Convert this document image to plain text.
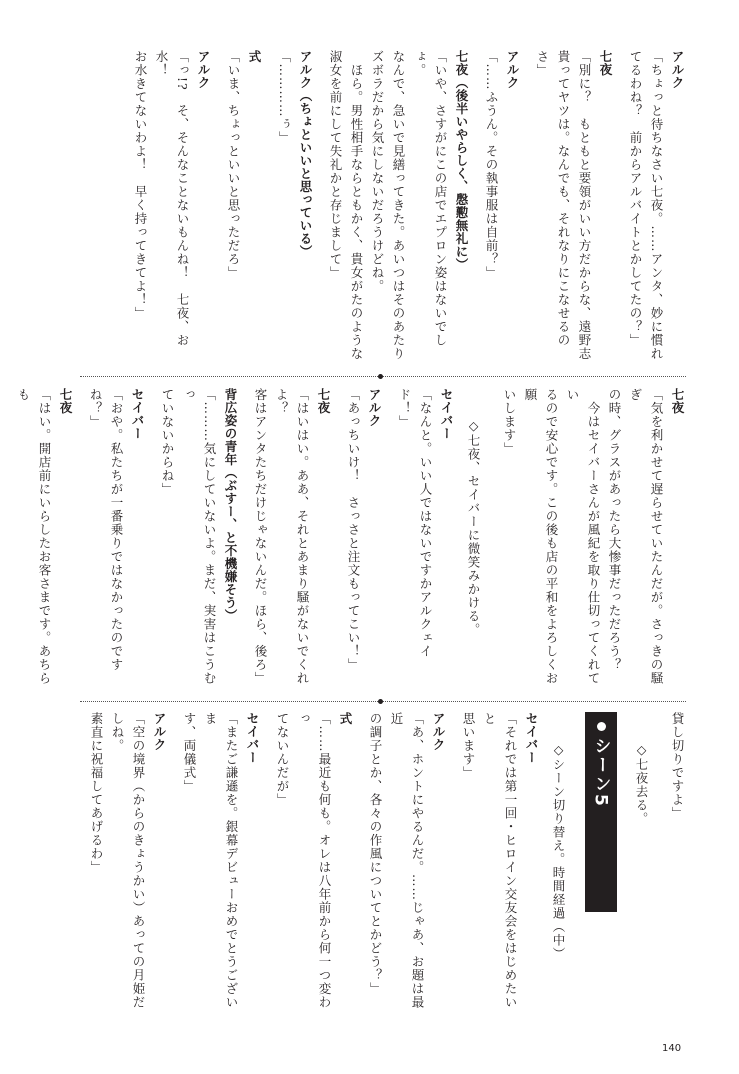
アルク
「ちょっと待ちなさい七夜。……アンタ、妙に慣れ
てるわね？　前からアルバイトとかしてたの？」
七夜
「別に？　もともと要領がいい方だからな、遠野志
貴ってヤツは。なんでも、それなりにこなせるのさ」
アルク
「……ふうん。その執事服は自前？」
七夜（後半いやらしく、慇懃無礼に）
「いや、さすがにこの店でエプロン姿はないでしょ。
なんで、急いで見繕ってきた。あいつはそのあたり
ズボラだから気にしないだろうけどね。
　ほら。男性相手ならともかく、貴女がたのような
淑女を前にして失礼かと存じまして」
アルク（ちょといいと思っている）
「…………ぅ」
式
「いま、ちょっといいと思っただろ」
アルク
「っ!?　そ、そんなことないもんね！　七夜、お水！
お水きてないわよ！　早く持ってきてよ！」
七夜
「気を利かせて遅らせていたんだが。さっきの騒ぎ
の時、グラスがあったら大惨事だっただろう？
　今はセイバーさんが風紀を取り仕切ってくれてい
るので安心です。この後も店の平和をよろしくお願
いします」
◇七夜、セイバーに微笑みかける。
セイバー
「なんと。いい人ではないですかアルクェイド！」
アルク
「あっちいけ！　さっさと注文もってこい！」
七夜
「はいはい。ああ、それとあまり騒がないでくれよ？
客はアンタたちだけじゃないんだ。ほら、後ろ」
背広姿の青年（ぶすー、と不機嫌そう）
「………気にしていないよ。まだ、実害はこうむっ
ていないからね」
セイバー
「おや。私たちが一番乗りではなかったのですね？」
七夜
「はい。開店前にいらしたお客さまです。あちらも
貸し切りですよ」
◇七夜去る。
シーン5
◇シーン切り替え。時間経過（中）
セイバー
「それでは第一回・ヒロイン交友会をはじめたいと
思います」
アルク
「あ、ホントにやるんだ。……じゃあ、お題は最近
の調子とか、各々の作風についてとかどう？」
式
「……最近も何も。オレは八年前から何一つ変わっ
てないんだが」
セイバー
「またご謙遜を。銀幕デビューおめでとうございま
す、両儀式」
アルク
「空の境界（からのきょうかい）あっての月姫だしね。
素直に祝福してあげるわ」
140
